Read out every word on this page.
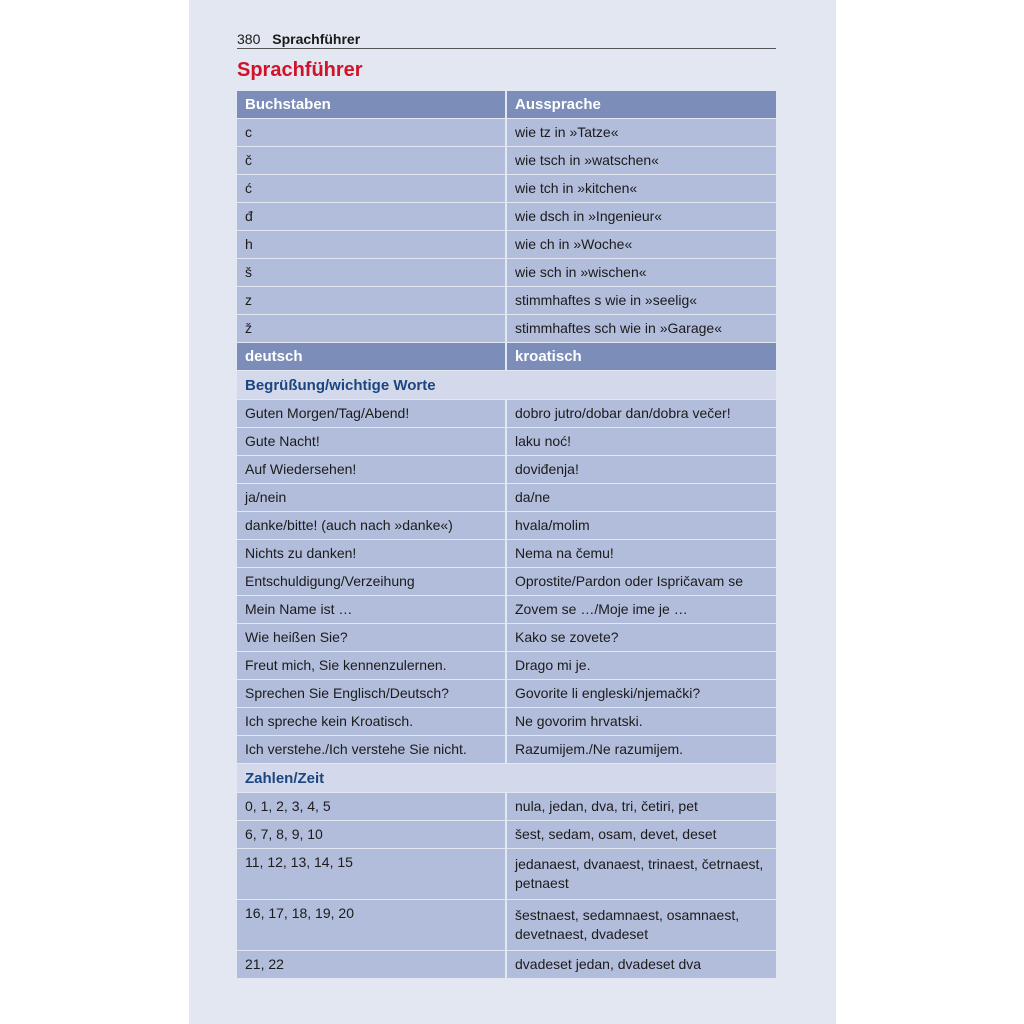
380 Sprachführer
Sprachführer
Buchstaben	Aussprache
c	wie tz in »Tatze«
č	wie tsch in »watschen«
ć	wie tch in »kitchen«
đ	wie dsch in »Ingenieur«
h	wie ch in »Woche«
š	wie sch in »wischen«
z	stimmhaftes s wie in »seelig«
ž	stimmhaftes sch wie in »Garage«
deutsch	kroatisch
Begrüßung/wichtige Worte	
Guten Morgen/Tag/Abend!	dobro jutro/dobar dan/dobra večer!
Gute Nacht!	laku noć!
Auf Wiedersehen!	doviđenja!
ja/nein	da/ne
danke/bitte! (auch nach »danke«)	hvala/molim
Nichts zu danken!	Nema na čemu!
Entschuldigung/Verzeihung	Oprostite/Pardon oder Ispričavam se
Mein Name ist …	Zovem se …/Moje ime je …
Wie heißen Sie?	Kako se zovete?
Freut mich, Sie kennenzulernen.	Drago mi je.
Sprechen Sie Englisch/Deutsch?	Govorite li engleski/njemački?
Ich spreche kein Kroatisch.	Ne govorim hrvatski.
Ich verstehe./Ich verstehe Sie nicht.	Razumijem./Ne razumijem.
Zahlen/Zeit	
0, 1, 2, 3, 4, 5	nula, jedan, dva, tri, četiri, pet
6, 7, 8, 9, 10	šest, sedam, osam, devet, deset
11, 12, 13, 14, 15	jedanaest, dvanaest, trinaest, četrnaest, petnaest
16, 17, 18, 19, 20	šestnaest, sedamnaest, osamnaest, devetnaest, dvadeset
21, 22	dvadeset jedan, dvadeset dva
